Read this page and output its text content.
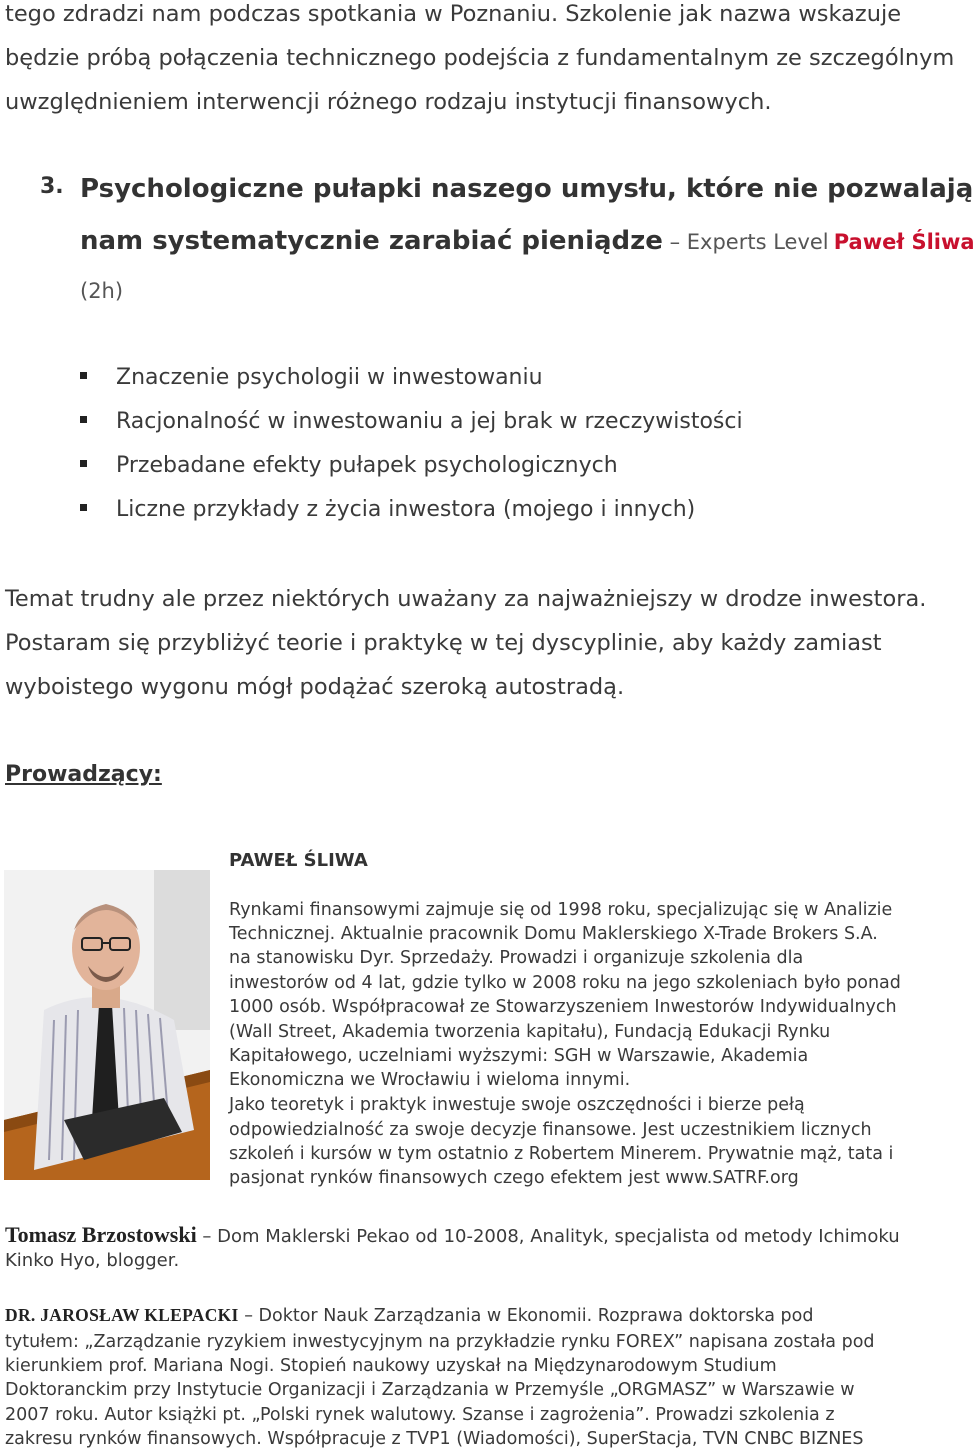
tego zdradzi nam podczas spotkania w Poznaniu. Szkolenie jak nazwa wskazuje
będzie próbą połączenia technicznego podejścia z fundamentalnym ze szczególnym
uwzględnieniem interwencji różnego rodzaju instytucji finansowych.
3. Psychologiczne pułapki naszego umysłu, które nie pozwalają
nam systematycznie zarabiać pieniądze – Experts Level Paweł Śliwa
(2h)
Znaczenie psychologii w inwestowaniu
Racjonalność w inwestowaniu a jej brak w rzeczywistości
Przebadane efekty pułapek psychologicznych
Liczne przykłady z życia inwestora (mojego i innych)
Temat trudny ale przez niektórych uważany za najważniejszy w drodze inwestora.
Postaram się przybliżyć teorie i praktykę w tej dyscyplinie, aby każdy zamiast
wyboistego wygonu mógł podążać szeroką autostradą.
Prowadzący:
PAWEŁ ŚLIWA
Rynkami finansowymi zajmuje się od 1998 roku, specjalizując się w Analizie
Technicznej. Aktualnie pracownik Domu Maklerskiego X-Trade Brokers S.A.
na stanowisku Dyr. Sprzedaży. Prowadzi i organizuje szkolenia dla
inwestorów od 4 lat, gdzie tylko w 2008 roku na jego szkoleniach było ponad
1000 osób. Współpracował ze Stowarzyszeniem Inwestorów Indywidualnych
(Wall Street, Akademia tworzenia kapitału), Fundacją Edukacji Rynku
Kapitałowego, uczelniami wyższymi: SGH w Warszawie, Akademia
Ekonomiczna we Wrocławiu i wieloma innymi.
Jako teoretyk i praktyk inwestuje swoje oszczędności i bierze pełą
odpowiedzialność za swoje decyzje finansowe. Jest uczestnikiem licznych
szkoleń i kursów w tym ostatnio z Robertem Minerem. Prywatnie mąż, tata i
pasjonat rynków finansowych czego efektem jest www.SATRF.org
Tomasz Brzostowski – Dom Maklerski Pekao od 10-2008, Analityk, specjalista od metody Ichimoku
Kinko Hyo, blogger.
DR. JAROSŁAW KLEPACKI – Doktor Nauk Zarządzania w Ekonomii. Rozprawa doktorska pod
tytułem: „Zarządzanie ryzykiem inwestycyjnym na przykładzie rynku FOREX” napisana została pod
kierunkiem prof. Mariana Nogi. Stopień naukowy uzyskał na Międzynarodowym Studium
Doktoranckim przy Instytucie Organizacji i Zarządzania w Przemyśle „ORGMASZ” w Warszawie w
2007 roku. Autor książki pt. „Polski rynek walutowy. Szanse i zagrożenia”. Prowadzi szkolenia z
zakresu rynków finansowych. Współpracuje z TVP1 (Wiadomości), SuperStacja, TVN CNBC BIZNES
